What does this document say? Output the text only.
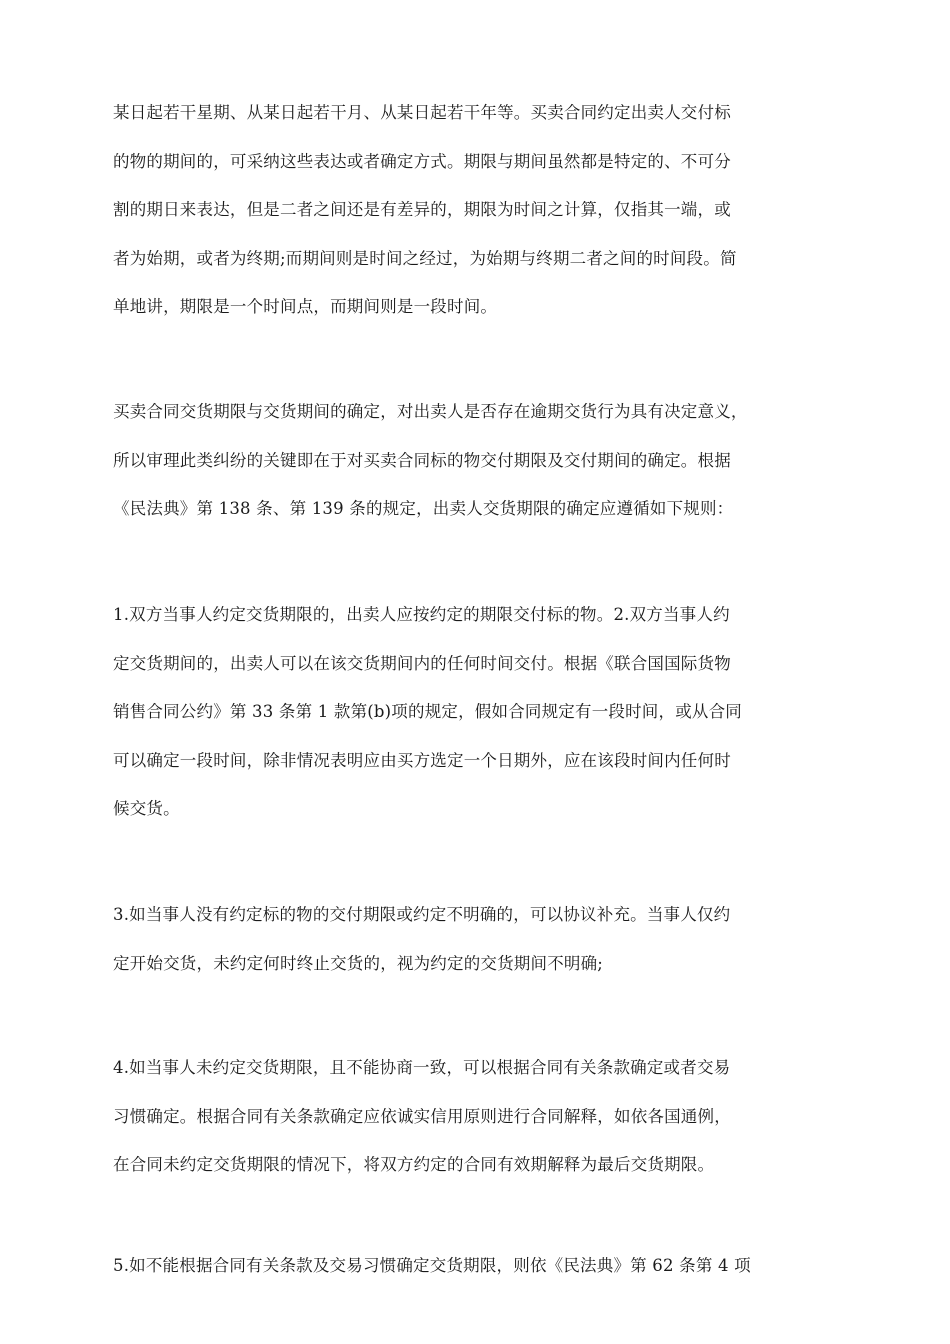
某日起若干星期、从某日起若干月、从某日起若干年等。买卖合同约定出卖人交付标
的物的期间的，可采纳这些表达或者确定方式。期限与期间虽然都是特定的、不可分
割的期日来表达，但是二者之间还是有差异的，期限为时间之计算，仅指其一端，或
者为始期，或者为终期;而期间则是时间之经过，为始期与终期二者之间的时间段。简
单地讲，期限是一个时间点，而期间则是一段时间。
买卖合同交货期限与交货期间的确定，对出卖人是否存在逾期交货行为具有决定意义，
所以审理此类纠纷的关键即在于对买卖合同标的物交付期限及交付期间的确定。根据
《民法典》第 138 条、第 139 条的规定，出卖人交货期限的确定应遵循如下规则：
1.双方当事人约定交货期限的，出卖人应按约定的期限交付标的物。2.双方当事人约
定交货期间的，出卖人可以在该交货期间内的任何时间交付。根据《联合国国际货物
销售合同公约》第 33 条第 1 款第(b)项的规定，假如合同规定有一段时间，或从合同
可以确定一段时间，除非情况表明应由买方选定一个日期外，应在该段时间内任何时
候交货。
3.如当事人没有约定标的物的交付期限或约定不明确的，可以协议补充。当事人仅约
定开始交货，未约定何时终止交货的，视为约定的交货期间不明确;
4.如当事人未约定交货期限，且不能协商一致，可以根据合同有关条款确定或者交易
习惯确定。根据合同有关条款确定应依诚实信用原则进行合同解释，如依各国通例，
在合同未约定交货期限的情况下，将双方约定的合同有效期解释为最后交货期限。
5.如不能根据合同有关条款及交易习惯确定交货期限，则依《民法典》第 62 条第 4 项
